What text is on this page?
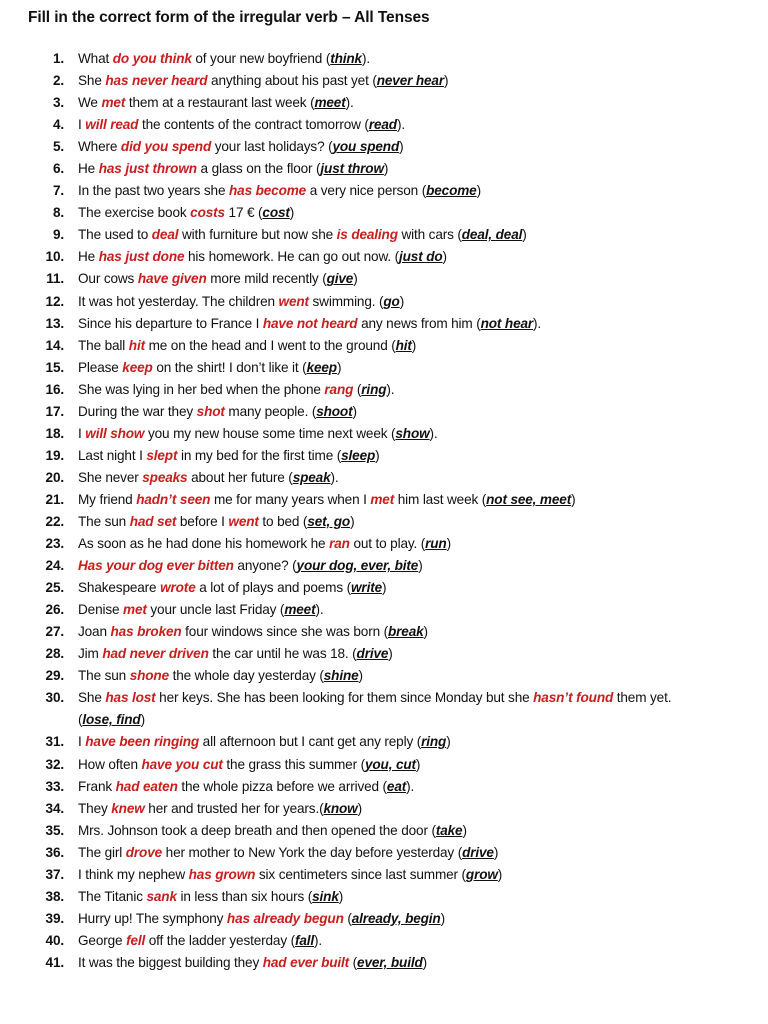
Fill in the correct form of the irregular verb – All Tenses
1. What do you think of your new boyfriend (think).
2. She has never heard anything about his past yet (never hear)
3. We met them at a restaurant last week (meet).
4. I will read the contents of the contract tomorrow (read).
5. Where did you spend your last holidays? (you spend)
6. He has just thrown a glass on the floor (just throw)
7. In the past two years she has become a very nice person (become)
8. The exercise book costs 17 € (cost)
9. The used to deal with furniture but now she is dealing with cars (deal, deal)
10. He has just done his homework. He can go out now. (just do)
11. Our cows have given more mild recently (give)
12. It was hot yesterday. The children went swimming. (go)
13. Since his departure to France I have not heard any news from him (not hear).
14. The ball hit me on the head and I went to the ground (hit)
15. Please keep on the shirt! I don’t like it (keep)
16. She was lying in her bed when the phone rang (ring).
17. During the war they shot many people. (shoot)
18. I will show you my new house some time next week (show).
19. Last night I slept in my bed for the first time (sleep)
20. She never speaks about her future (speak).
21. My friend hadn’t seen me for many years when I met him last week (not see, meet)
22. The sun had set before I went to bed (set, go)
23. As soon as he had done his homework he ran out to play. (run)
24. Has your dog ever bitten anyone? (your dog, ever, bite)
25. Shakespeare wrote a lot of plays and poems (write)
26. Denise met your uncle last Friday (meet).
27. Joan has broken four windows since she was born (break)
28. Jim had never driven the car until he was 18. (drive)
29. The sun shone the whole day yesterday (shine)
30. She has lost her keys. She has been looking for them since Monday but she hasn’t found them yet.
(lose, find)
31. I have been ringing all afternoon but I cant get any reply (ring)
32. How often have you cut the grass this summer (you, cut)
33. Frank had eaten the whole pizza before we arrived (eat).
34. They knew her and trusted her for years.(know)
35. Mrs. Johnson took a deep breath and then opened the door (take)
36. The girl drove her mother to New York the day before yesterday (drive)
37. I think my nephew has grown six centimeters since last summer (grow)
38. The Titanic sank in less than six hours (sink)
39. Hurry up! The symphony has already begun (already, begin)
40. George fell off the ladder yesterday (fall).
41. It was the biggest building they had ever built (ever, build)
